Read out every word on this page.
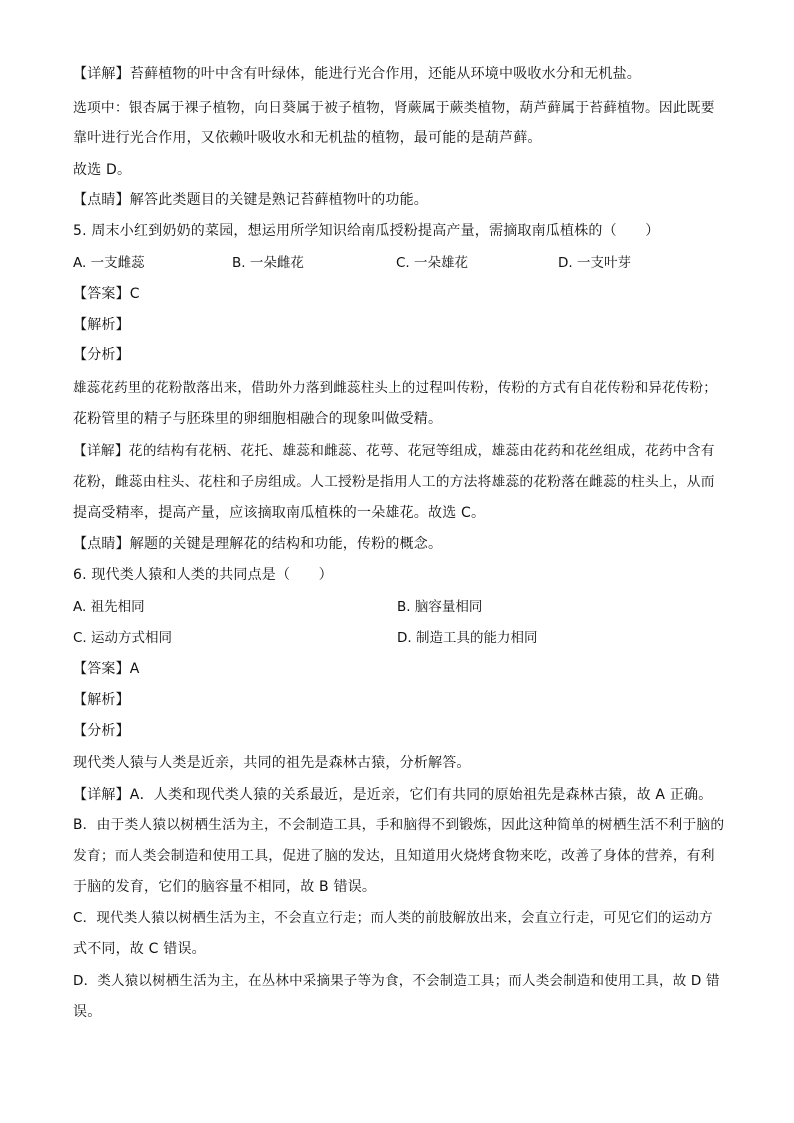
【详解】苔藓植物的叶中含有叶绿体，能进行光合作用，还能从环境中吸收水分和无机盐。
选项中：银杏属于裸子植物，向日葵属于被子植物，肾蕨属于蕨类植物，葫芦藓属于苔藓植物。因此既要
靠叶进行光合作用，又依赖叶吸收水和无机盐的植物，最可能的是葫芦藓。
故选 D。
【点睛】解答此类题目的关键是熟记苔藓植物叶的功能。
5. 周末小红到奶奶的菜园，想运用所学知识给南瓜授粉提高产量，需摘取南瓜植株的（　　）
A. 一支雌蕊	B. 一朵雌花	C. 一朵雄花	D. 一支叶芽
【答案】C
【解析】
【分析】
雄蕊花药里的花粉散落出来，借助外力落到雌蕊柱头上的过程叫传粉，传粉的方式有自花传粉和异花传粉；
花粉管里的精子与胚珠里的卵细胞相融合的现象叫做受精。
【详解】花的结构有花柄、花托、雄蕊和雌蕊、花萼、花冠等组成，雄蕊由花药和花丝组成，花药中含有
花粉，雌蕊由柱头、花柱和子房组成。人工授粉是指用人工的方法将雄蕊的花粉落在雌蕊的柱头上，从而
提高受精率，提高产量，应该摘取南瓜植株的一朵雄花。故选 C。
【点睛】解题的关键是理解花的结构和功能，传粉的概念。
6. 现代类人猿和人类的共同点是（　　）
A. 祖先相同	B. 脑容量相同
C. 运动方式相同	D. 制造工具的能力相同
【答案】A
【解析】
【分析】
现代类人猿与人类是近亲，共同的祖先是森林古猿，分析解答。
【详解】A．人类和现代类人猿的关系最近，是近亲，它们有共同的原始祖先是森林古猿，故 A 正确。
B．由于类人猿以树栖生活为主，不会制造工具，手和脑得不到锻炼，因此这种简单的树栖生活不利于脑的
发育；而人类会制造和使用工具，促进了脑的发达，且知道用火烧烤食物来吃，改善了身体的营养，有利
于脑的发育，它们的脑容量不相同，故 B 错误。
C．现代类人猿以树栖生活为主，不会直立行走；而人类的前肢解放出来，会直立行走，可见它们的运动方
式不同，故 C 错误。
D．类人猿以树栖生活为主，在丛林中采摘果子等为食，不会制造工具；而人类会制造和使用工具，故 D 错
误。
